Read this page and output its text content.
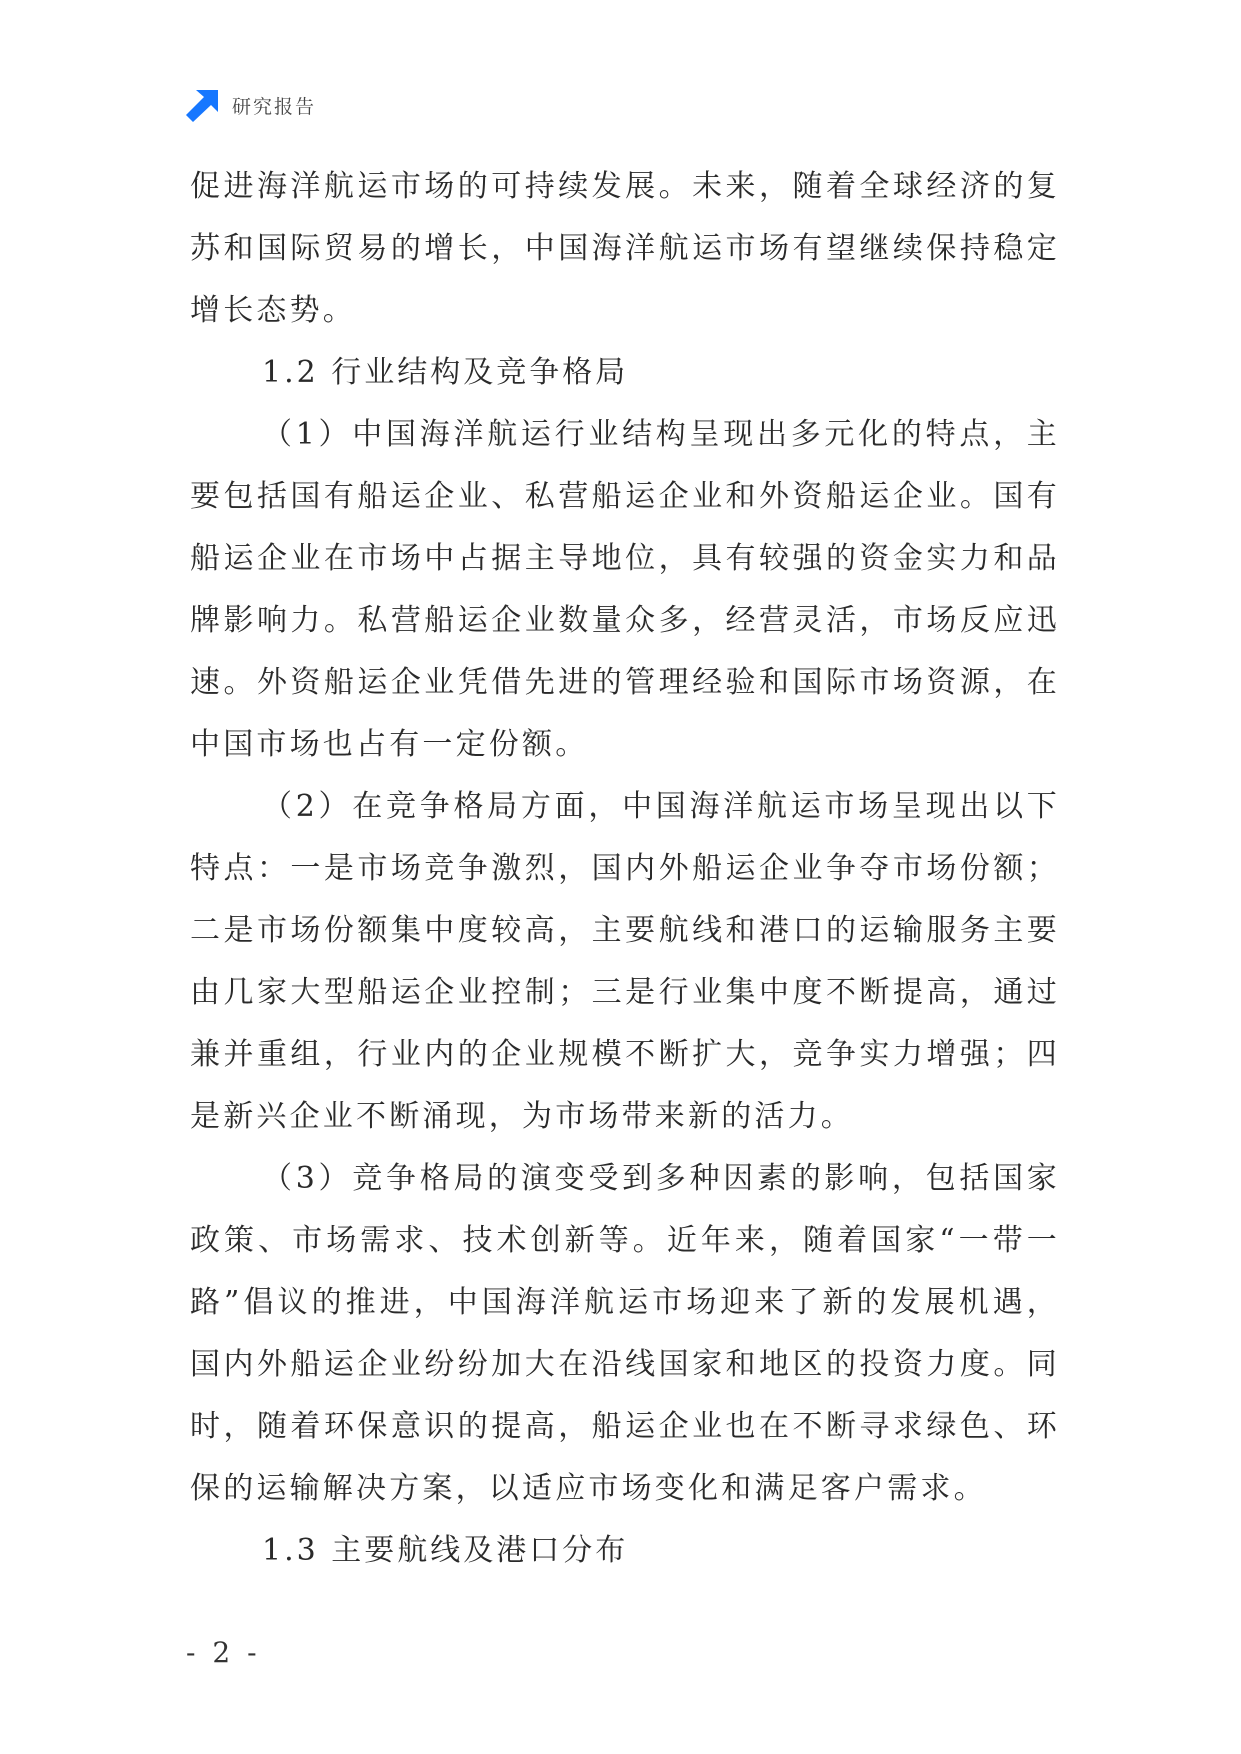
研究报告

促进海洋航运市场的可持续发展。未来，随着全球经济的复苏和国际贸易的增长，中国海洋航运市场有望继续保持稳定增长态势。

1.2 行业结构及竞争格局

（1）中国海洋航运行业结构呈现出多元化的特点，主要包括国有船运企业、私营船运企业和外资船运企业。国有船运企业在市场中占据主导地位，具有较强的资金实力和品牌影响力。私营船运企业数量众多，经营灵活，市场反应迅速。外资船运企业凭借先进的管理经验和国际市场资源，在中国市场也占有一定份额。

（2）在竞争格局方面，中国海洋航运市场呈现出以下特点：一是市场竞争激烈，国内外船运企业争夺市场份额；二是市场份额集中度较高，主要航线和港口的运输服务主要由几家大型船运企业控制；三是行业集中度不断提高，通过兼并重组，行业内的企业规模不断扩大，竞争实力增强；四是新兴企业不断涌现，为市场带来新的活力。

（3）竞争格局的演变受到多种因素的影响，包括国家政策、市场需求、技术创新等。近年来，随着国家“一带一路”倡议的推进，中国海洋航运市场迎来了新的发展机遇，国内外船运企业纷纷加大在沿线国家和地区的投资力度。同时，随着环保意识的提高，船运企业也在不断寻求绿色、环保的运输解决方案，以适应市场变化和满足客户需求。

1.3 主要航线及港口分布

- 2 -
